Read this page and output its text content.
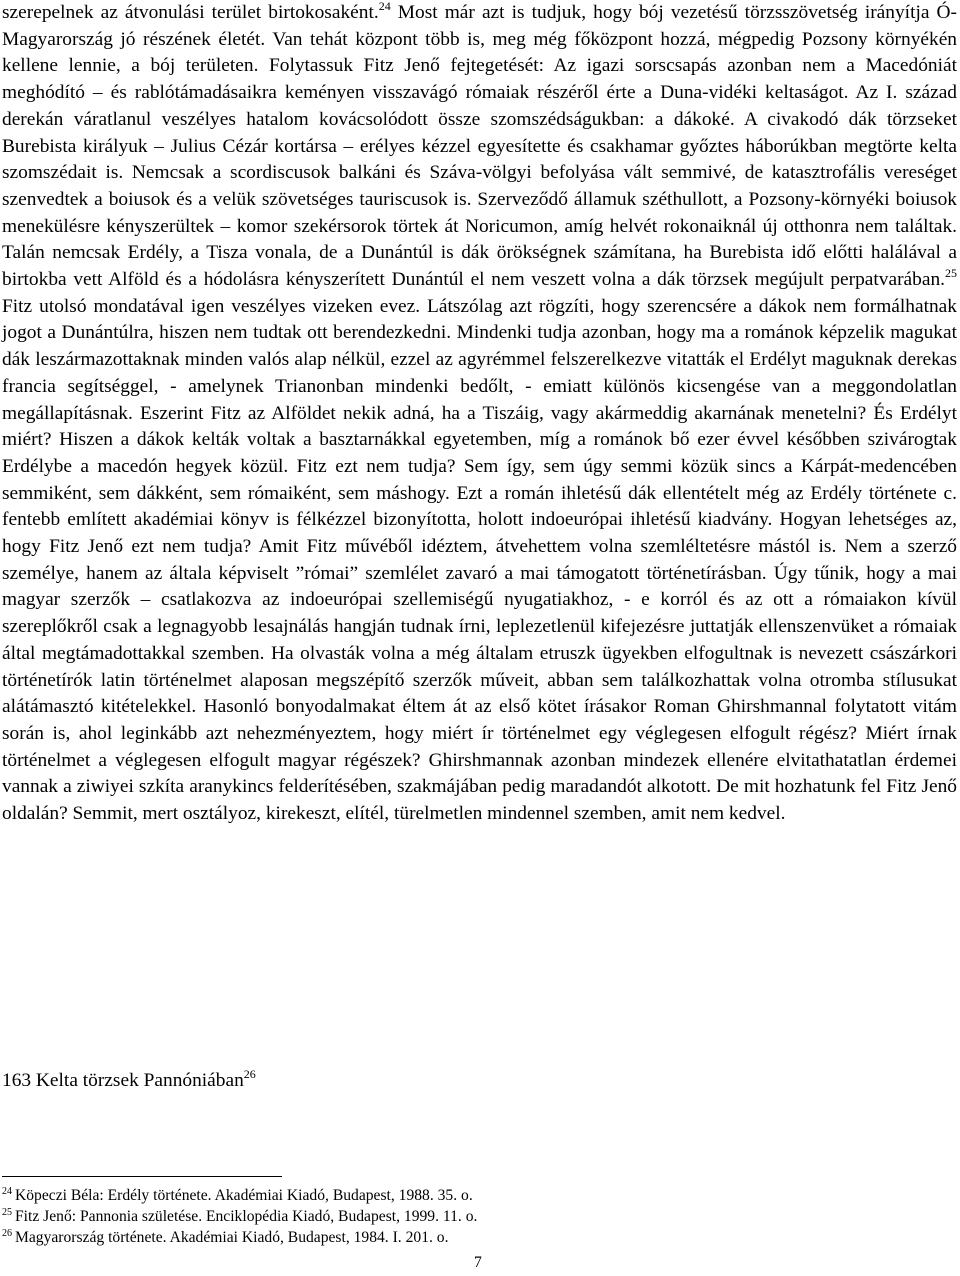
szerepelnek az átvonulási terület birtokosaként.$^{24}$ Most már azt is tudjuk, hogy bój vezetésű törzsszövetség irányítja Ó-Magyarország jó részének életét. Van tehát központ több is, meg még főközpont hozzá, mégpedig Pozsony környékén kellene lennie, a bój területen. Folytassuk Fitz Jenő fejtegetését: Az igazi sorscsapás azonban nem a Macedóniát meghódító – és rablótámadásaikra keményen visszavágó rómaiak részéről érte a Duna-vidéki keltaságot. Az I. század derekán váratlanul veszélyes hatalom kovácsolódott össze szomszédságukban: a dákoké. A civakodó dák törzseket Burebista királyuk – Julius Cézár kortársa – erélyes kézzel egyesítette és csakhamar győztes háborúkban megtörte kelta szomszédait is. Nemcsak a scordiscusok balkáni és Száva-völgyi befolyása vált semmivé, de katasztrofális vereséget szenvedtek a boiusok és a velük szövetséges tauriscusok is. Szerveződő államuk széthullott, a Pozsony-környéki boiusok menekülésre kényszerültek – komor szekérsorok törtek át Noricumon, amíg helvét rokonaiknál új otthonra nem találtak. Talán nemcsak Erdély, a Tisza vonala, de a Dunántúl is dák örökségnek számítana, ha Burebista idő előtti halálával a birtokba vett Alföld és a hódolásra kényszerített Dunántúl el nem veszett volna a dák törzsek megújult perpatvarában.$^{25}$ Fitz utolsó mondatával igen veszélyes vizeken evez. Látszólag azt rögzíti, hogy szerencsére a dákok nem formálhatnak jogot a Dunántúlra, hiszen nem tudtak ott berendezkedni. Mindenki tudja azonban, hogy ma a románok képzelik magukat dák leszármazottaknak minden valós alap nélkül, ezzel az agyrémmel felszerelkezve vitatták el Erdélyt maguknak derekas francia segítséggel, - amelynek Trianonban mindenki bedőlt, - emiatt különös kicsengése van a meggondolatlan megállapításnak. Eszerint Fitz az Alföldet nekik adná, ha a Tiszáig, vagy akármeddig akarnának menetelni? És Erdélyt miért? Hiszen a dákok kelták voltak a basztarnákkal egyetemben, míg a románok bő ezer évvel későbben szivárogtak Erdélybe a macedón hegyek közül. Fitz ezt nem tudja? Sem így, sem úgy semmi közük sincs a Kárpát-medencében semmiként, sem dákként, sem rómaiként, sem máshogy. Ezt a román ihletésű dák ellentételt még az Erdély története c. fentebb említett akadémiai könyv is félkézzel bizonyította, holott indoeurópai ihletésű kiadvány. Hogyan lehetséges az, hogy Fitz Jenő ezt nem tudja? Amit Fitz művéből idéztem, átvehettem volna szemléltetésre mástól is. Nem a szerző személye, hanem az általa képviselt ”római” szemlélet zavaró a mai támogatott történetírásban. Úgy tűnik, hogy a mai magyar szerzők – csatlakozva az indoeurópai szellemiségű nyugatiakhoz, - e korról és az ott a rómaiakon kívül szereplőkről csak a legnagyobb lesajnálás hangján tudnak írni, leplezetlenül kifejezésre juttatják ellenszenvüket a rómaiak által megtámadottakkal szemben. Ha olvasták volna a még általam etruszk ügyekben elfogultnak is nevezett császárkori történetírók latin történelmet alaposan megszépítő szerzők műveit, abban sem találkozhattak volna otromba stílusukat alátámasztó kitételekkel. Hasonló bonyodalmakat éltem át az első kötet írásakor Roman Ghirshmannal folytatott vitám során is, ahol leginkább azt nehezményeztem, hogy miért ír történelmet egy véglegesen elfogult régész? Miért írnak történelmet a véglegesen elfogult magyar régészek? Ghirshmannak azonban mindezek ellenére elvitathatatlan érdemei vannak a ziwiyei szkíta aranykincs felderítésében, szakmájában pedig maradandót alkotott. De mit hozhatunk fel Fitz Jenő oldalán? Semmit, mert osztályoz, kirekeszt, elítél, türelmetlen mindennel szemben, amit nem kedvel.

163 Kelta törzsek Pannóniában$^{26}$

$^{24}$ Köpeczi Béla: Erdély története. Akadémiai Kiadó, Budapest, 1988. 35. o.
$^{25}$ Fitz Jenő: Pannonia születése. Enciklopédia Kiadó, Budapest, 1999. 11. o.
$^{26}$ Magyarország története. Akadémiai Kiadó, Budapest, 1984. I. 201. o.
7
